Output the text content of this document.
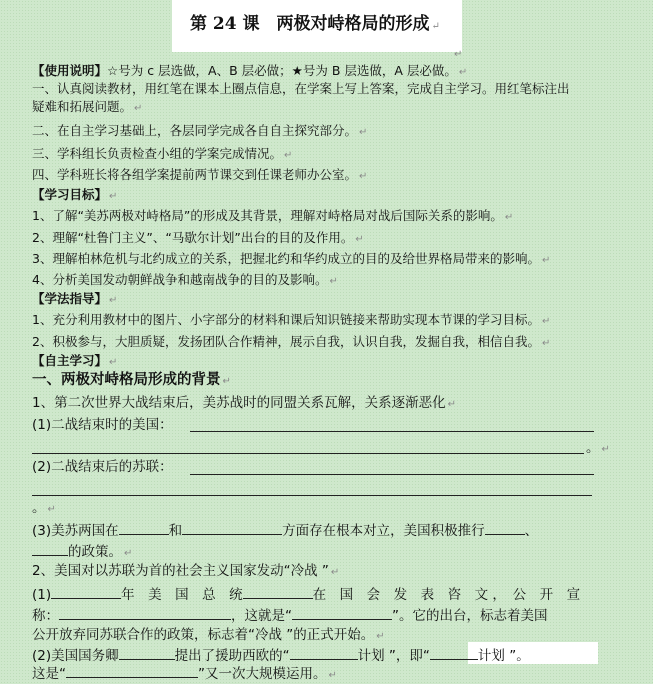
第 24 课　两极对峙格局的形成 ↵
↵
【使用说明】☆号为 c 层选做，A、B 层必做；★号为 B 层选做，A 层必做。 ↵
一、认真阅读教材，用红笔在课本上圈点信息，在学案上写上答案，完成自主学习。用红笔标注出
疑难和拓展问题。 ↵
二、在自主学习基础上，各层同学完成各自自主探究部分。 ↵
三、学科组长负责检查小组的学案完成情况。 ↵
四、学科班长将各组学案提前两节课交到任课老师办公室。 ↵
【学习目标】 ↵
1、了解“美苏两极对峙格局”的形成及其背景，理解对峙格局对战后国际关系的影响。 ↵
2、理解“杜鲁门主义”、“马歇尔计划”出台的目的及作用。 ↵
3、理解柏林危机与北约成立的关系，把握北约和华约成立的目的及给世界格局带来的影响。 ↵
4、分析美国发动朝鲜战争和越南战争的目的及影响。 ↵
【学法指导】 ↵
1、充分利用教材中的图片、小字部分的材料和课后知识链接来帮助实现本节课的学习目标。 ↵
2、积极参与，大胆质疑，发扬团队合作精神，展示自我，认识自我，发掘自我，相信自我。 ↵
【自主学习】 ↵
一、两极对峙格局形成的背景 ↵
1、第二次世界大战结束后，美苏战时的同盟关系瓦解，关系逐渐恶化 ↵
(1)二战结束时的美国：
。 ↵
(2)二战结束后的苏联：
。 ↵
(3)美苏两国在	和	方面存在根本对立，美国积极推行	、
的政策。 ↵
2、美国对以苏联为首的社会主义国家发动“冷战 ” ↵
(1)	年　美　国　总　统	在　国　会　发　表　咨　文 ，　公　开　宣
称：	，这就是“	”。它的出台，标志着美国
公开放弃同苏联合作的政策，标志着“冷战 ”的正式开始。 ↵
(2)美国国务卿	提出了援助西欧的“	计划 ”，即“	计划 ”。
这是“	”又一次大规模运用。 ↵
